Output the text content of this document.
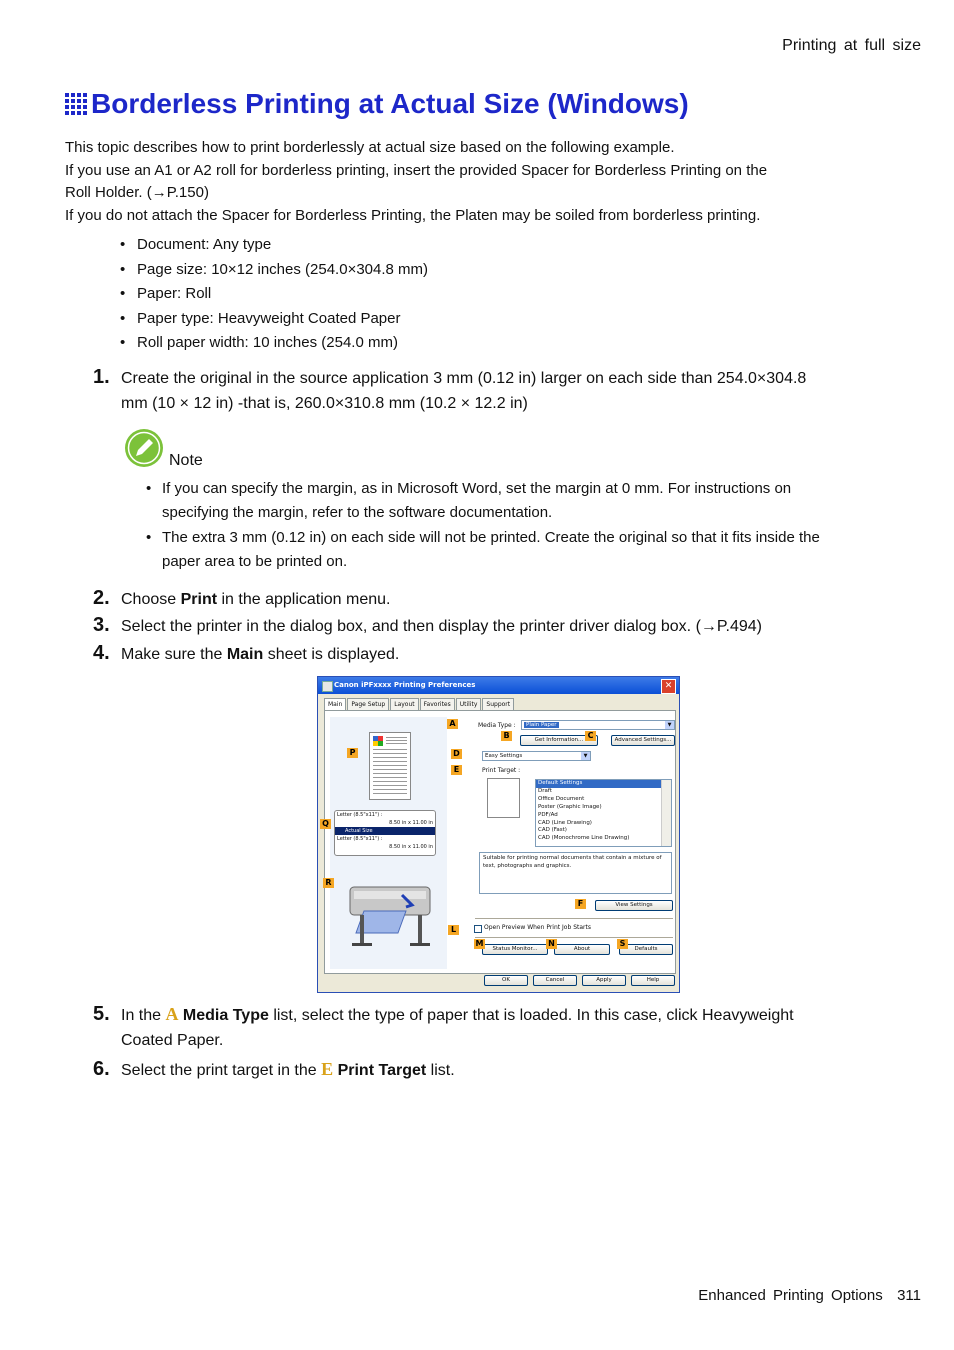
Printing at full size
Borderless Printing at Actual Size (Windows)
This topic describes how to print borderlessly at actual size based on the following example.
If you use an A1 or A2 roll for borderless printing, insert the provided Spacer for Borderless Printing on the
Roll Holder. (→P.150)
If you do not attach the Spacer for Borderless Printing, the Platen may be soiled from borderless printing.
• Document: Any type
• Page size: 10×12 inches (254.0×304.8 mm)
• Paper: Roll
• Paper type: Heavyweight Coated Paper
• Roll paper width: 10 inches (254.0 mm)
1. Create the original in the source application 3 mm (0.12 in) larger on each side than 254.0×304.8
mm (10 × 12 in) -that is, 260.0×310.8 mm (10.2 × 12.2 in)
Note
• If you can specify the margin, as in Microsoft Word, set the margin at 0 mm. For instructions on
specifying the margin, refer to the software documentation.
• The extra 3 mm (0.12 in) on each side will not be printed. Create the original so that it fits inside the
paper area to be printed on.
2. Choose Print in the application menu.
3. Select the printer in the dialog box, and then display the printer driver dialog box. (→P.494)
4. Make sure the Main sheet is displayed.
Canon iPFxxxx Printing Preferences	✕
Main	Page Setup	Layout	Favorites	Utility	Support
Letter (8.5"x11") :
8.50 in x 11.00 in
Actual Size
Letter (8.5"x11") :
8.50 in x 11.00 in
Media Type :	Plain Paper	▼
Get Information...	Advanced Settings...
Easy Settings	▼
Print Target :
Default Settings
Draft
Office Document
Poster (Graphic Image)
PDF/Ad
CAD (Line Drawing)
CAD (Fast)
CAD (Monochrome Line Drawing)
Suitable for printing normal documents that contain a mixture of text, photographs and graphics.
View Settings
Open Preview When Print Job Starts
Status Monitor...	About	Defaults
OK	Cancel	Apply	Help
A
B	C
D
E
F
L
M	N	S
P
Q
R
5. In the A Media Type list, select the type of paper that is loaded. In this case, click Heavyweight
Coated Paper.
6. Select the print target in the E Print Target list.
Enhanced Printing Options 311
